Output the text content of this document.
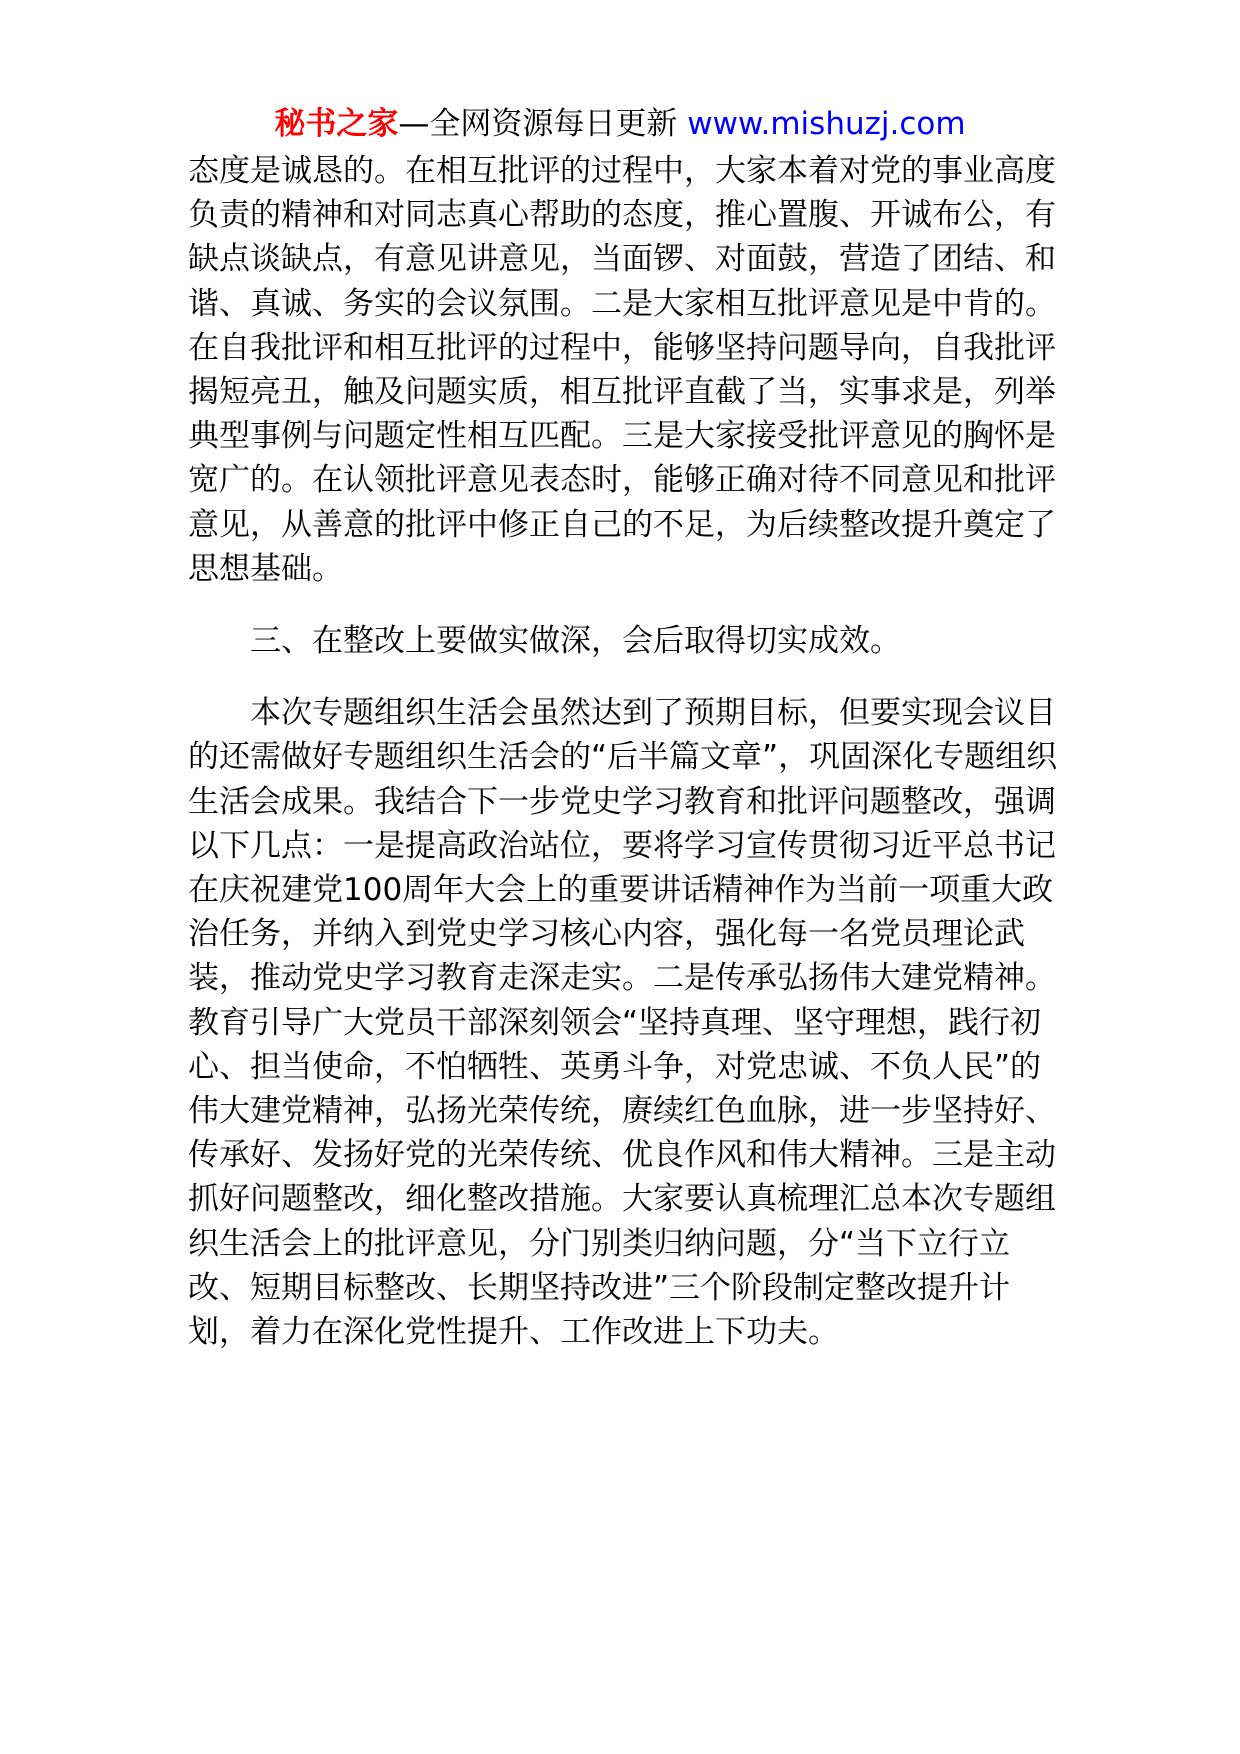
秘书之家—全网资源每日更新 www.mishuzj.com

态度是诚恳的。在相互批评的过程中，大家本着对党的事业高度负责的精神和对同志真心帮助的态度，推心置腹、开诚布公，有缺点谈缺点，有意见讲意见，当面锣、对面鼓，营造了团结、和谐、真诚、务实的会议氛围。二是大家相互批评意见是中肯的。在自我批评和相互批评的过程中，能够坚持问题导向，自我批评揭短亮丑，触及问题实质，相互批评直截了当，实事求是，列举典型事例与问题定性相互匹配。三是大家接受批评意见的胸怀是宽广的。在认领批评意见表态时，能够正确对待不同意见和批评意见，从善意的批评中修正自己的不足，为后续整改提升奠定了思想基础。

三、在整改上要做实做深，会后取得切实成效。

本次专题组织生活会虽然达到了预期目标，但要实现会议目的还需做好专题组织生活会的“后半篇文章”，巩固深化专题组织生活会成果。我结合下一步党史学习教育和批评问题整改，强调以下几点：一是提高政治站位，要将学习宣传贯彻习近平总书记在庆祝建党100周年大会上的重要讲话精神作为当前一项重大政治任务，并纳入到党史学习核心内容，强化每一名党员理论武装，推动党史学习教育走深走实。二是传承弘扬伟大建党精神。教育引导广大党员干部深刻领会“坚持真理、坚守理想，践行初心、担当使命，不怕牺牲、英勇斗争，对党忠诚、不负人民”的伟大建党精神，弘扬光荣传统，赓续红色血脉，进一步坚持好、传承好、发扬好党的光荣传统、优良作风和伟大精神。三是主动抓好问题整改，细化整改措施。大家要认真梳理汇总本次专题组织生活会上的批评意见，分门别类归纳问题，分“当下立行立改、短期目标整改、长期坚持改进”三个阶段制定整改提升计划，着力在深化党性提升、工作改进上下功夫。
